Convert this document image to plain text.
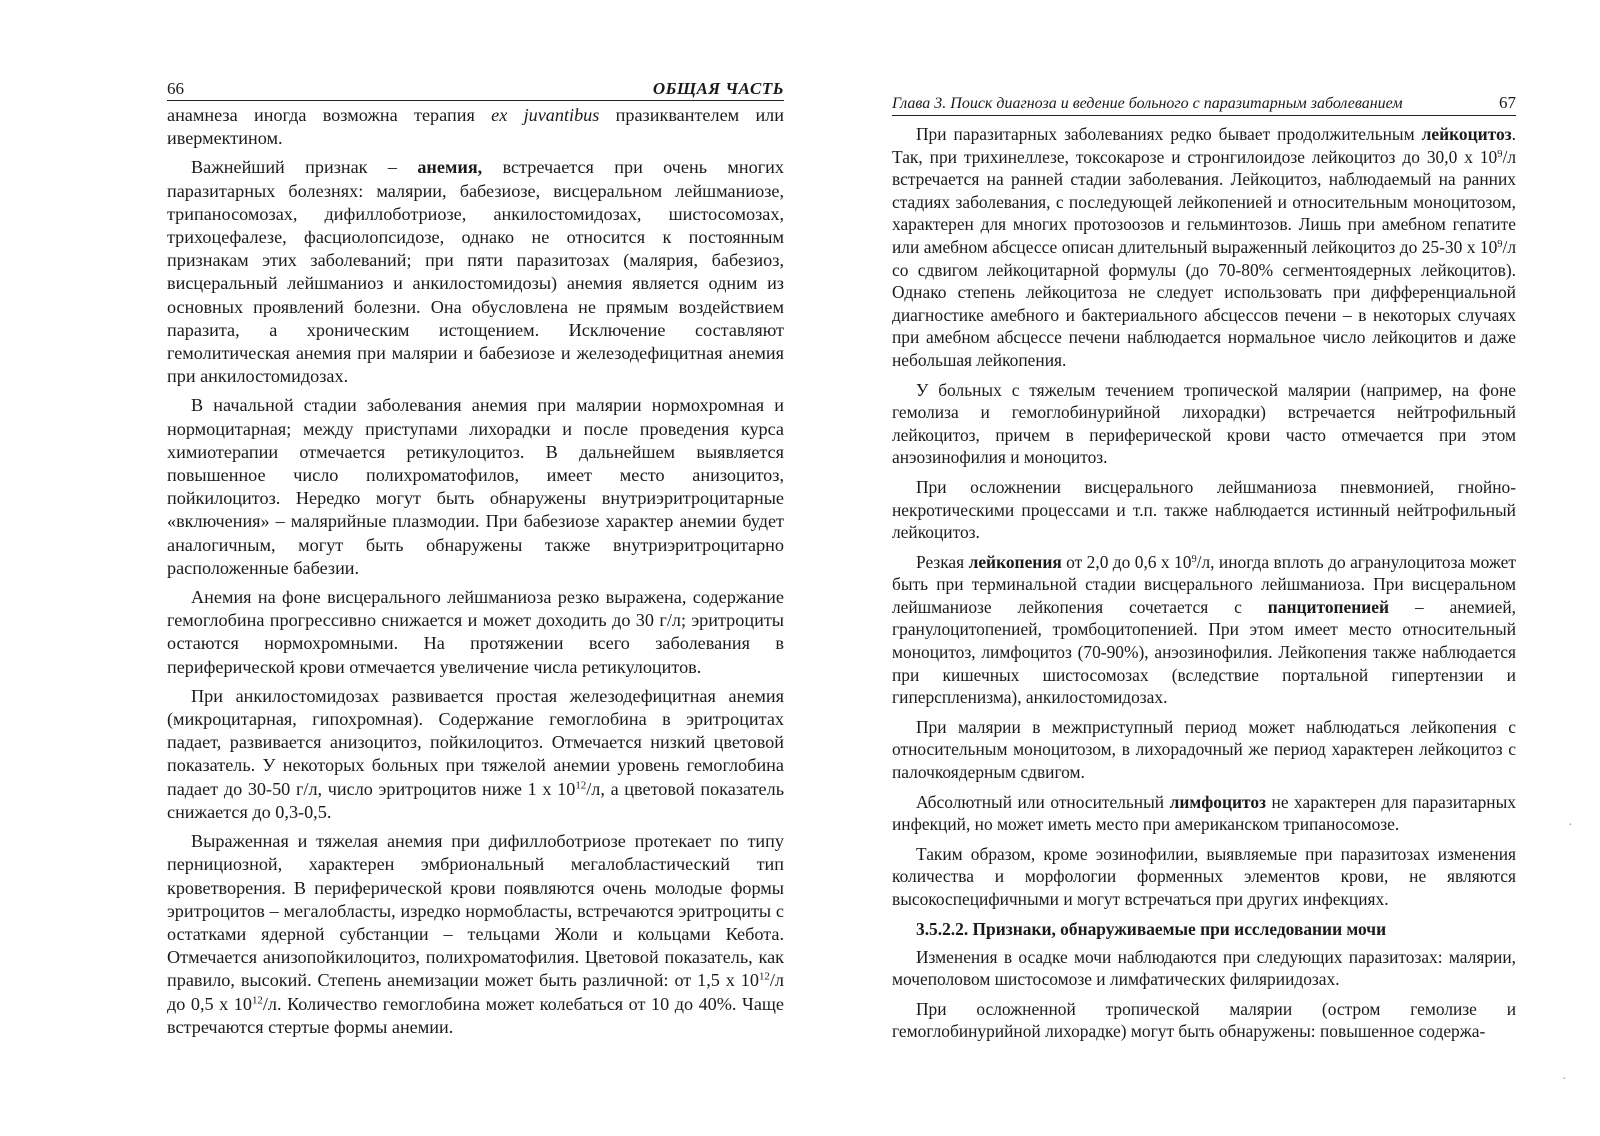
66	ОБЩАЯ ЧАСТЬ

анамнеза иногда возможна терапия ex juvantibus празиквантелем или ивермектином.

Важнейший признак – анемия, встречается при очень многих паразитарных болезнях: малярии, бабезиозе, висцеральном лейшманиозе, трипаносомозах, дифиллоботриозе, анкилостомидозах, шистосомозах, трихоцефалезе, фасциолопсидозе, однако не относится к постоянным признакам этих заболеваний; при пяти паразитозах (малярия, бабезиоз, висцеральный лейшманиоз и анкилостомидозы) анемия является одним из основных проявлений болезни. Она обусловлена не прямым воздействием паразита, а хроническим истощением. Исключение составляют гемолитическая анемия при малярии и бабезиозе и железодефицитная анемия при анкилостомидозах.

В начальной стадии заболевания анемия при малярии нормохромная и нормоцитарная; между приступами лихорадки и после проведения курса химиотерапии отмечается ретикулоцитоз. В дальнейшем выявляется повышенное число полихроматофилов, имеет место анизоцитоз, пойкилоцитоз. Нередко могут быть обнаружены внутриэритроцитарные «включения» – малярийные плазмодии. При бабезиозе характер анемии будет аналогичным, могут быть обнаружены также внутриэритроцитарно расположенные бабезии.

Анемия на фоне висцерального лейшманиоза резко выражена, содержание гемоглобина прогрессивно снижается и может доходить до 30 г/л; эритроциты остаются нормохромными. На протяжении всего заболевания в периферической крови отмечается увеличение числа ретикулоцитов.

При анкилостомидозах развивается простая железодефицитная анемия (микроцитарная, гипохромная). Содержание гемоглобина в эритроцитах падает, развивается анизоцитоз, пойкилоцитоз. Отмечается низкий цветовой показатель. У некоторых больных при тяжелой анемии уровень гемоглобина падает до 30-50 г/л, число эритроцитов ниже 1 х $10^{12}/л$, а цветовой показатель снижается до 0,3-0,5.

Выраженная и тяжелая анемия при дифиллоботриозе протекает по типу пернициозной, характерен эмбриональный мегалобластический тип кроветворения. В периферической крови появляются очень молодые формы эритроцитов – мегалобласты, изредко нормобласты, встречаются эритроциты с остатками ядерной субстанции – тельцами Жоли и кольцами Кебота. Отмечается анизопойкилоцитоз, полихроматофилия. Цветовой показатель, как правило, высокий. Степень анемизации может быть различной: от 1,5 х $10^{12}/л$ до 0,5 х $10^{12}/л$. Количество гемоглобина может колебаться от 10 до 40%. Чаще встречаются стертые формы анемии.

Глава 3. Поиск диагноза и ведение больного с паразитарным заболеванием	67

При паразитарных заболеваниях редко бывает продолжительным лейкоцитоз. Так, при трихинеллезе, токсокарозе и стронгилоидозе лейкоцитоз до 30,0 х $10^9/л$ встречается на ранней стадии заболевания. Лейкоцитоз, наблюдаемый на ранних стадиях заболевания, с последующей лейкопенией и относительным моноцитозом, характерен для многих протозоозов и гельминтозов. Лишь при амебном гепатите или амебном абсцессе описан длительный выраженный лейкоцитоз до 25-30 х $10^9/л$ со сдвигом лейкоцитарной формулы (до 70-80% сегментоядерных лейкоцитов). Однако степень лейкоцитоза не следует использовать при дифференциальной диагностике амебного и бактериального абсцессов печени – в некоторых случаях при амебном абсцессе печени наблюдается нормальное число лейкоцитов и даже небольшая лейкопения.

У больных с тяжелым течением тропической малярии (например, на фоне гемолиза и гемоглобинурийной лихорадки) встречается нейтрофильный лейкоцитоз, причем в периферической крови часто отмечается при этом анэозинофилия и моноцитоз.

При осложнении висцерального лейшманиоза пневмонией, гнойно-некротическими процессами и т.п. также наблюдается истинный нейтрофильный лейкоцитоз.

Резкая лейкопения от 2,0 до 0,6 х $10^9/л$, иногда вплоть до агранулоцитоза может быть при терминальной стадии висцерального лейшманиоза. При висцеральном лейшманиозе лейкопения сочетается с панцитопенией – анемией, гранулоцитопенией, тромбоцитопенией. При этом имеет место относительный моноцитоз, лимфоцитоз (70-90%), анэозинофилия. Лейкопения также наблюдается при кишечных шистосомозах (вследствие портальной гипертензии и гиперспленизма), анкилостомидозах.

При малярии в межприступный период может наблюдаться лейкопения с относительным моноцитозом, в лихорадочный же период характерен лейкоцитоз с палочкоядерным сдвигом.

Абсолютный или относительный лимфоцитоз не характерен для паразитарных инфекций, но может иметь место при американском трипаносомозе.

Таким образом, кроме эозинофилии, выявляемые при паразитозах изменения количества и морфологии форменных элементов крови, не являются высокоспецифичными и могут встречаться при других инфекциях.

3.5.2.2. Признаки, обнаруживаемые при исследовании мочи

Изменения в осадке мочи наблюдаются при следующих паразитозах: малярии, мочеполовом шистосомозе и лимфатических филяриидозах.

При осложненной тропической малярии (остром гемолизе и гемоглобинурийной лихорадке) могут быть обнаружены: повышенное содержа-

·
·
